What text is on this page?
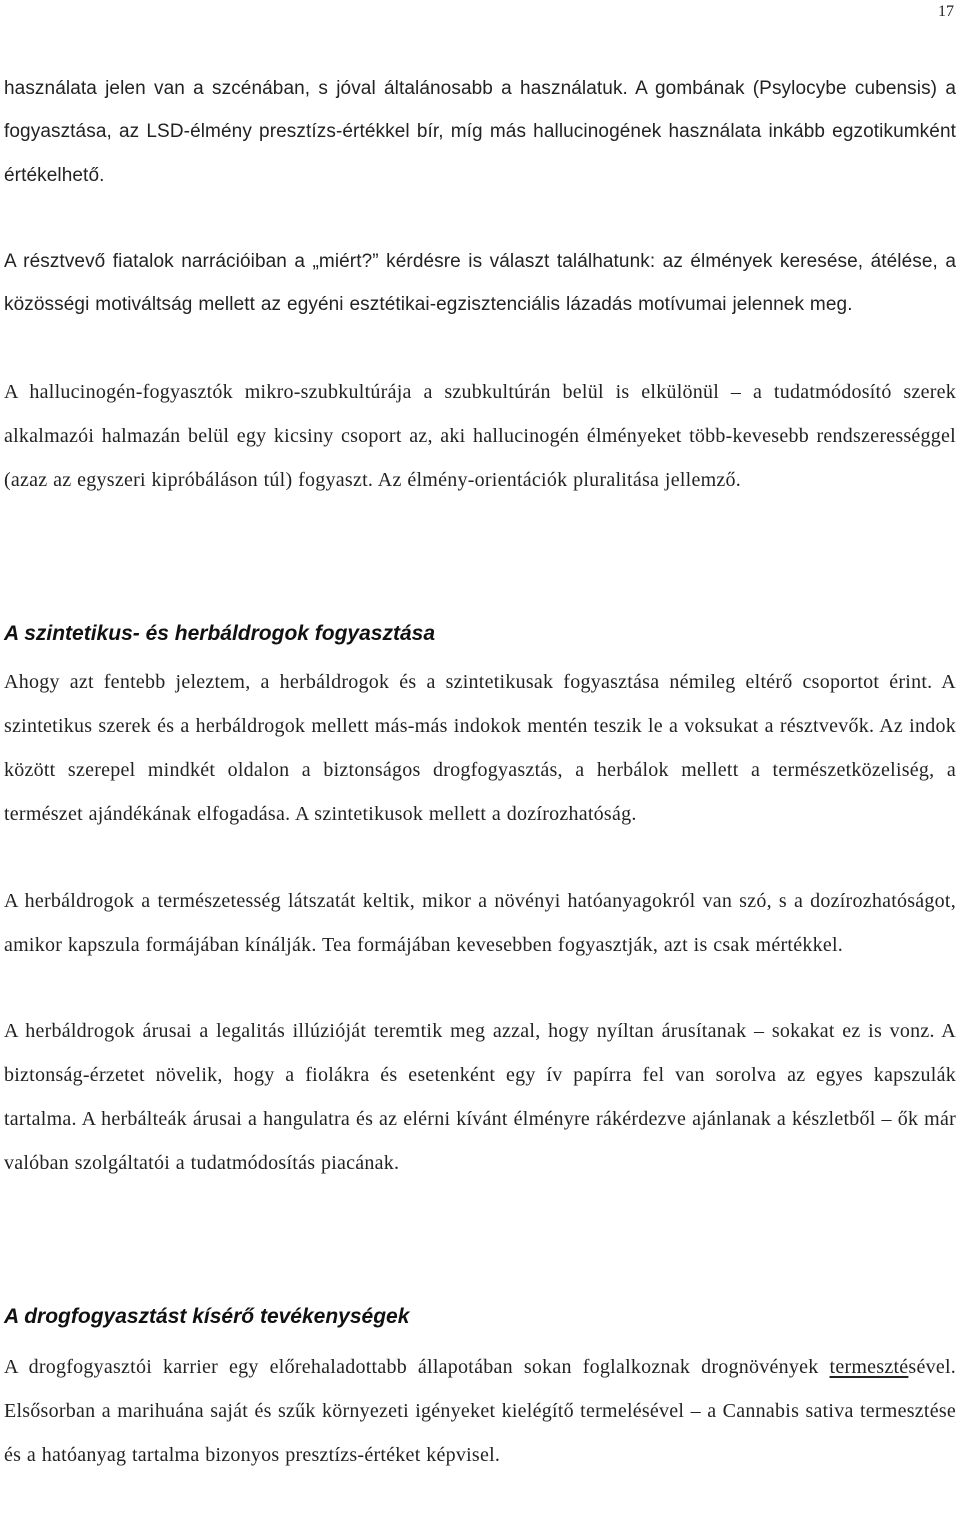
17

használata jelen van a szcénában, s jóval általánosabb a használatuk. A gombának (Psylocybe cubensis) a fogyasztása, az LSD-élmény presztízs-értékkel bír, míg más hallucinogének használata inkább egzotikumként értékelhető.

A résztvevő fiatalok narrációiban a „miért?” kérdésre is választ találhatunk: az élmények keresése, átélése, a közösségi motiváltság mellett az egyéni esztétikai-egzisztenciális lázadás motívumai jelennek meg.

A hallucinogén-fogyasztók mikro-szubkultúrája a szubkultúrán belül is elkülönül – a tudatmódosító szerek alkalmazói halmazán belül egy kicsiny csoport az, aki hallucinogén élményeket több-kevesebb rendszerességgel (azaz az egyszeri kipróbáláson túl) fogyaszt. Az élmény-orientációk pluralitása jellemző.

A szintetikus- és herbáldrogok fogyasztása

Ahogy azt fentebb jeleztem, a herbáldrogok és a szintetikusak fogyasztása némileg eltérő csoportot érint. A szintetikus szerek és a herbáldrogok mellett más-más indokok mentén teszik le a voksukat a résztvevők. Az indok között szerepel mindkét oldalon a biztonságos drogfogyasztás, a herbálok mellett a természetközeliség, a természet ajándékának elfogadása. A szintetikusok mellett a dozírozhatóság.

A herbáldrogok a természetesség látszatát keltik, mikor a növényi hatóanyagokról van szó, s a dozírozhatóságot, amikor kapszula formájában kínálják. Tea formájában kevesebben fogyasztják, azt is csak mértékkel.

A herbáldrogok árusai a legalitás illúzióját teremtik meg azzal, hogy nyíltan árusítanak – sokakat ez is vonz. A biztonság-érzetet növelik, hogy a fiolákra és esetenként egy ív papírra fel van sorolva az egyes kapszulák tartalma. A herbálteák árusai a hangulatra és az elérni kívánt élményre rákérdezve ajánlanak a készletből – ők már valóban szolgáltatói a tudatmódosítás piacának.

A drogfogyasztást kísérő tevékenységek

A drogfogyasztói karrier egy előrehaladottabb állapotában sokan foglalkoznak drognövények termesztésével. Elsősorban a marihuána saját és szűk környezeti igényeket kielégítő termelésével – a Cannabis sativa termesztése és a hatóanyag tartalma bizonyos presztízs-értéket képvisel.
